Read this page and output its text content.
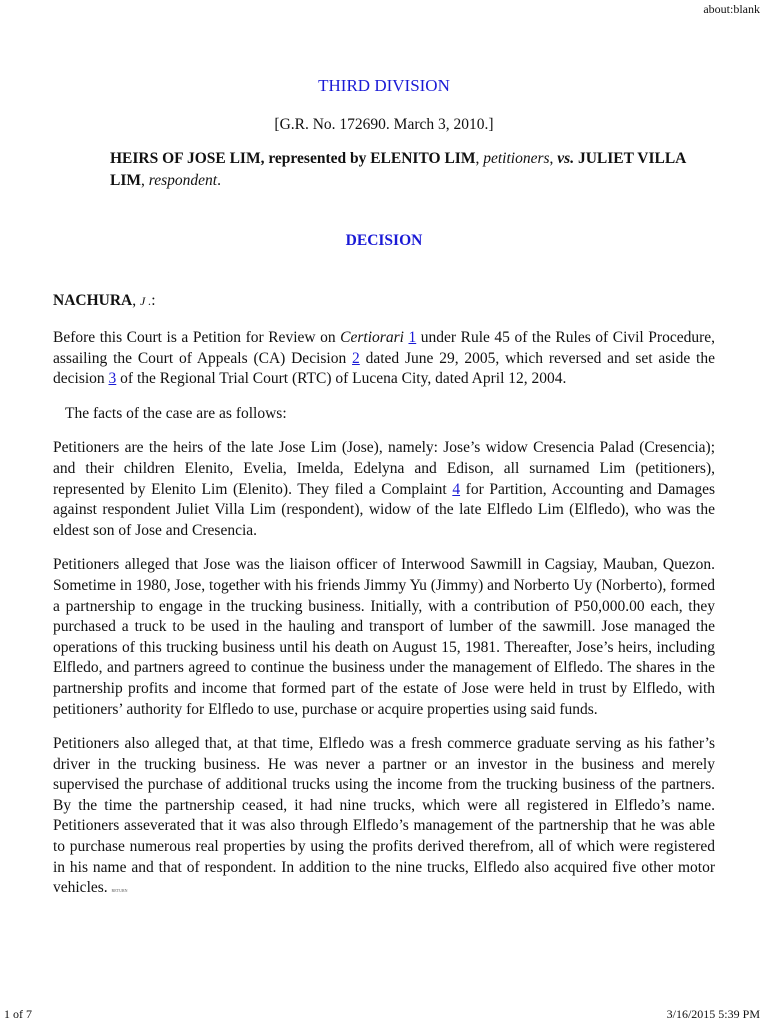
about:blank
THIRD DIVISION
[G.R. No. 172690. March 3, 2010.]
HEIRS OF JOSE LIM, represented by ELENITO LIM, petitioners, vs. JULIET VILLA LIM, respondent.
DECISION
NACHURA, J .:

Before this Court is a Petition for Review on Certiorari 1 under Rule 45 of the Rules of Civil Procedure, assailing the Court of Appeals (CA) Decision 2 dated June 29, 2005, which reversed and set aside the decision 3 of the Regional Trial Court (RTC) of Lucena City, dated April 12, 2004.

The facts of the case are as follows:

Petitioners are the heirs of the late Jose Lim (Jose), namely: Jose’s widow Cresencia Palad (Cresencia); and their children Elenito, Evelia, Imelda, Edelyna and Edison, all surnamed Lim (petitioners), represented by Elenito Lim (Elenito). They filed a Complaint 4 for Partition, Accounting and Damages against respondent Juliet Villa Lim (respondent), widow of the late Elfledo Lim (Elfledo), who was the eldest son of Jose and Cresencia.

Petitioners alleged that Jose was the liaison officer of Interwood Sawmill in Cagsiay, Mauban, Quezon. Sometime in 1980, Jose, together with his friends Jimmy Yu (Jimmy) and Norberto Uy (Norberto), formed a partnership to engage in the trucking business. Initially, with a contribution of P50,000.00 each, they purchased a truck to be used in the hauling and transport of lumber of the sawmill. Jose managed the operations of this trucking business until his death on August 15, 1981. Thereafter, Jose’s heirs, including Elfledo, and partners agreed to continue the business under the management of Elfledo. The shares in the partnership profits and income that formed part of the estate of Jose were held in trust by Elfledo, with petitioners’ authority for Elfledo to use, purchase or acquire properties using said funds.

Petitioners also alleged that, at that time, Elfledo was a fresh commerce graduate serving as his father’s driver in the trucking business. He was never a partner or an investor in the business and merely supervised the purchase of additional trucks using the income from the trucking business of the partners. By the time the partnership ceased, it had nine trucks, which were all registered in Elfledo’s name. Petitioners asseverated that it was also through Elfledo’s management of the partnership that he was able to purchase numerous real properties by using the profits derived therefrom, all of which were registered in his name and that of respondent. In addition to the nine trucks, Elfledo also acquired five other motor vehicles. RETURN

1 of 7	3/16/2015 5:39 PM
